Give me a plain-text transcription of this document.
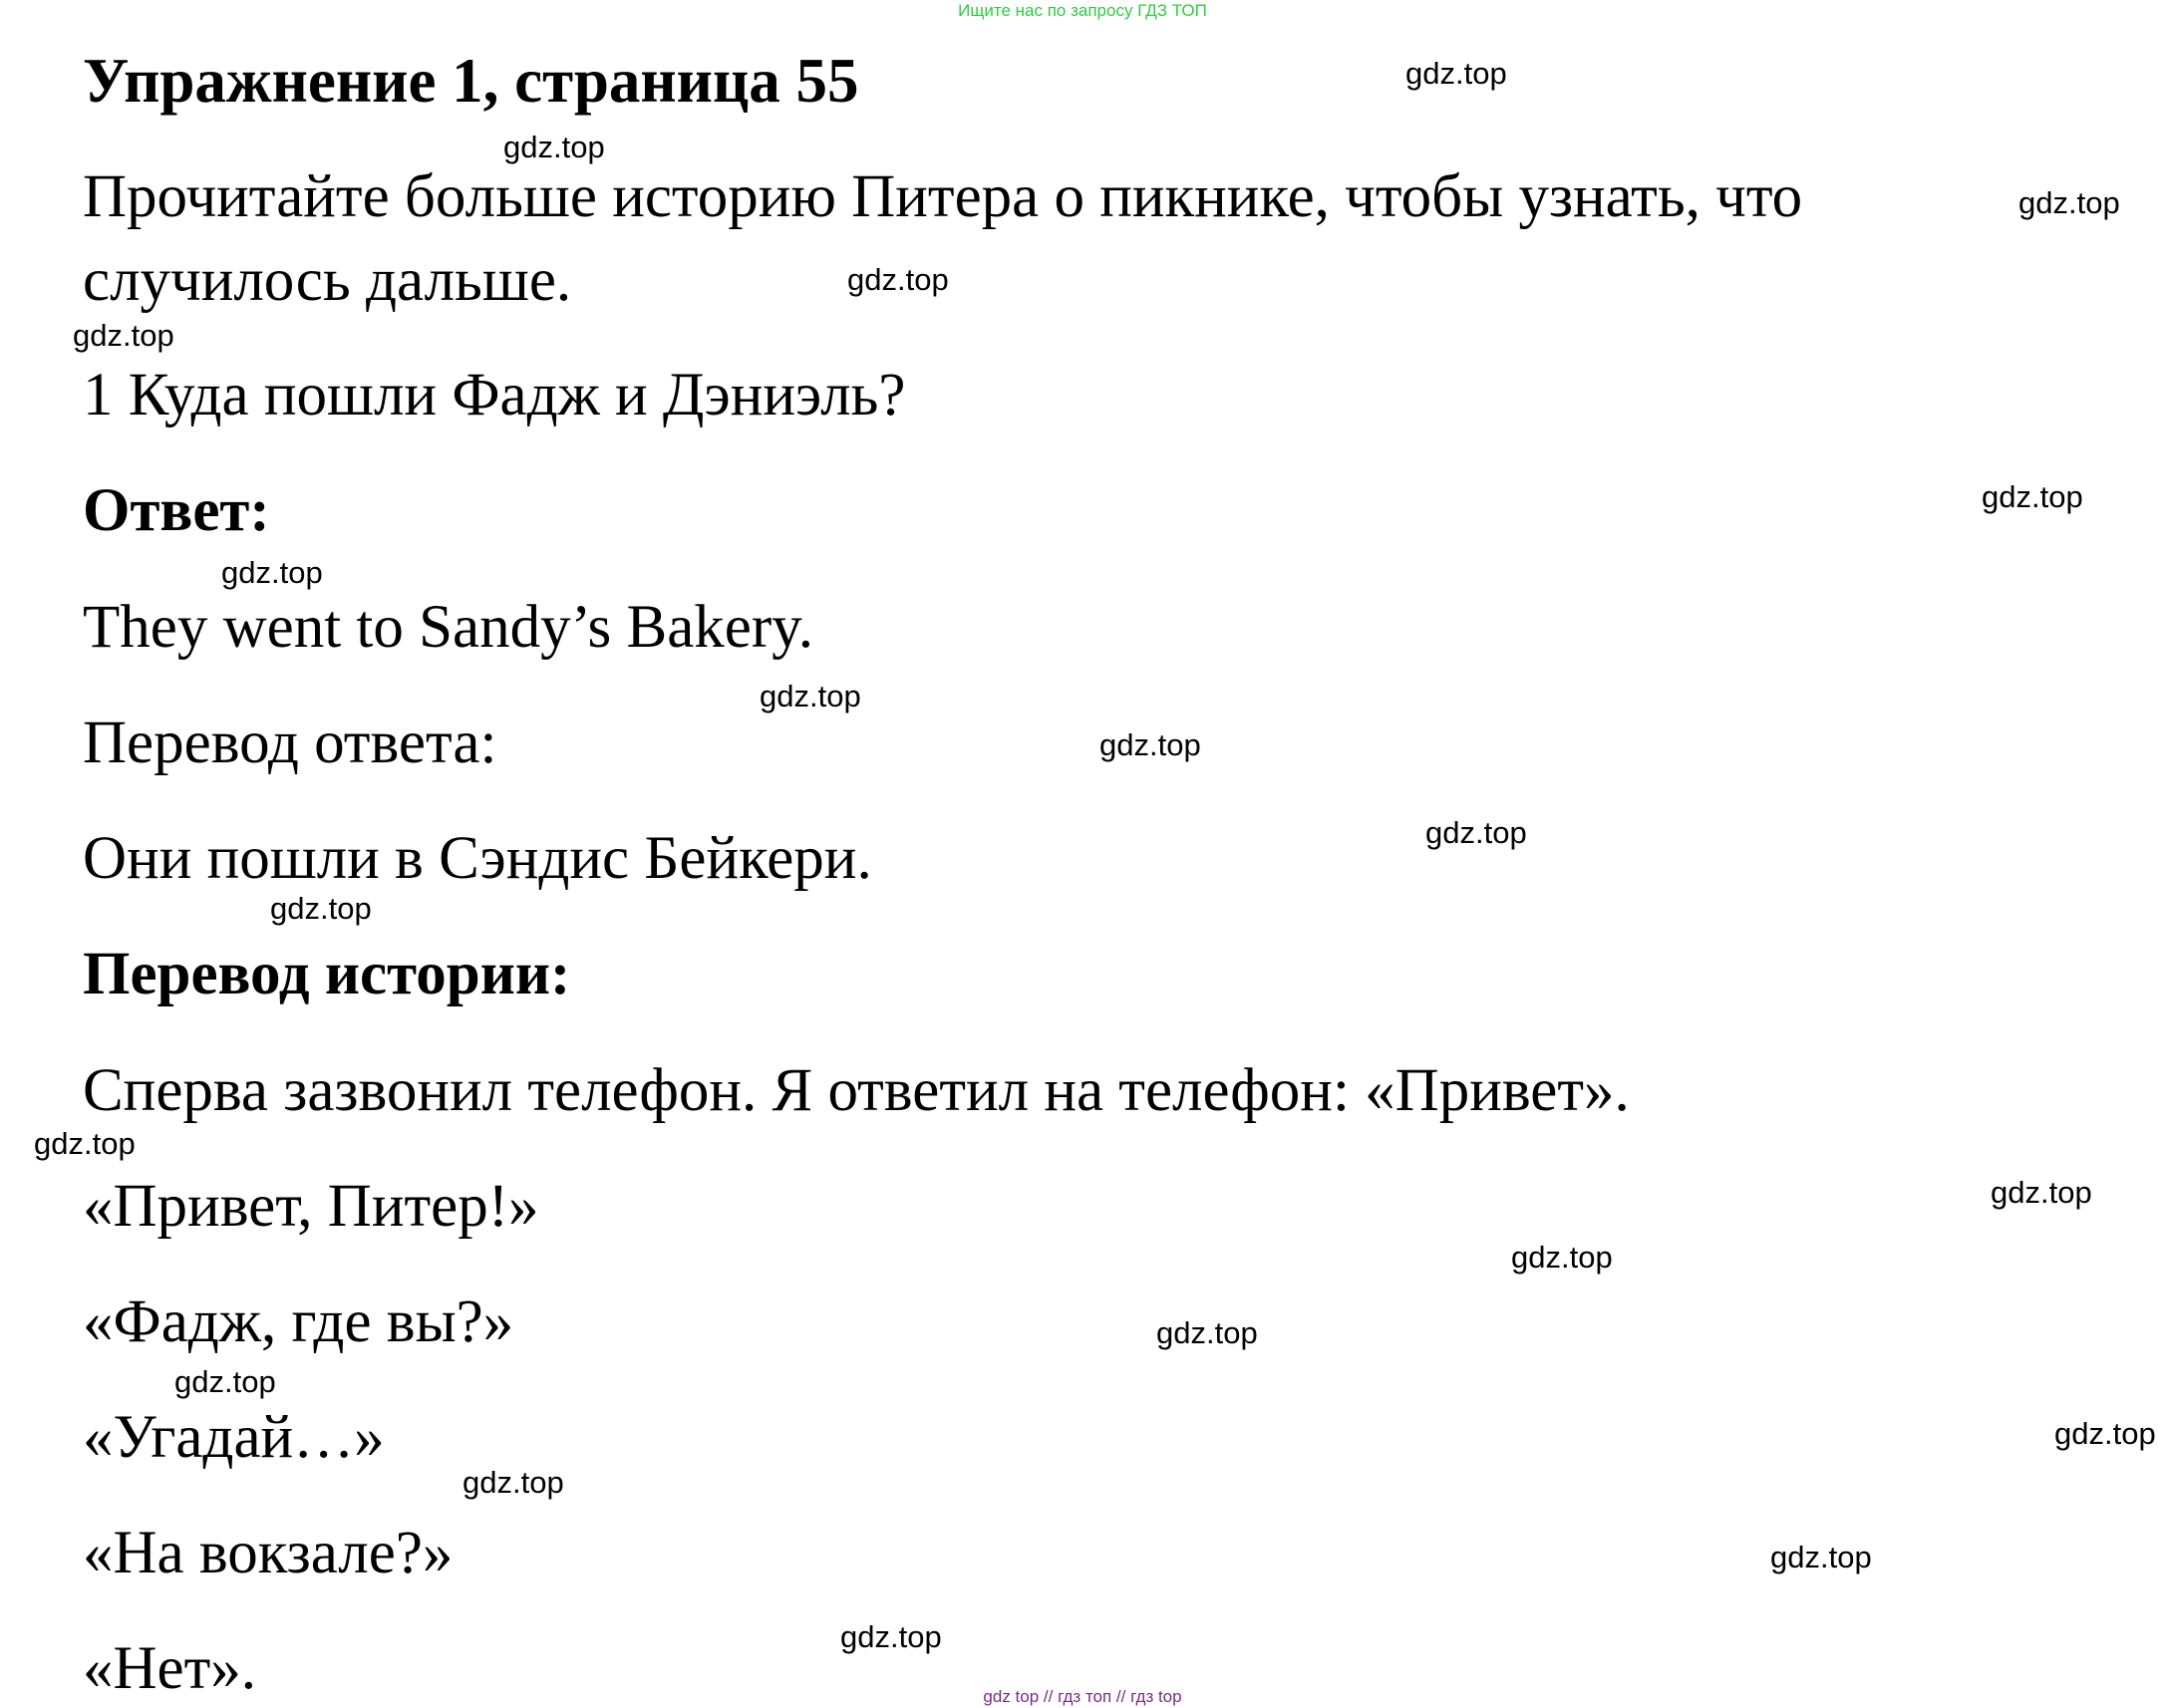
Ищите нас по запросу ГДЗ ТОП
Упражнение 1, страница 55
Прочитайте больше историю Питера о пикнике, чтобы узнать, что
случилось дальше.
1 Куда пошли Фадж и Дэниэль?
Ответ:
They went to Sandy’s Bakery.
Перевод ответа:
Они пошли в Сэндис Бейкери.
Перевод истории:
Сперва зазвонил телефон. Я ответил на телефон: «Привет».
«Привет, Питер!»
«Фадж, где вы?»
«Угадай…»
«На вокзале?»
«Нет».
gdz.top
gdz.top
gdz.top
gdz.top
gdz.top
gdz.top
gdz.top
gdz.top
gdz.top
gdz.top
gdz.top
gdz.top
gdz.top
gdz.top
gdz.top
gdz.top
gdz.top
gdz.top
gdz.top
gdz.top
gdz top // гдз топ // гдз top
